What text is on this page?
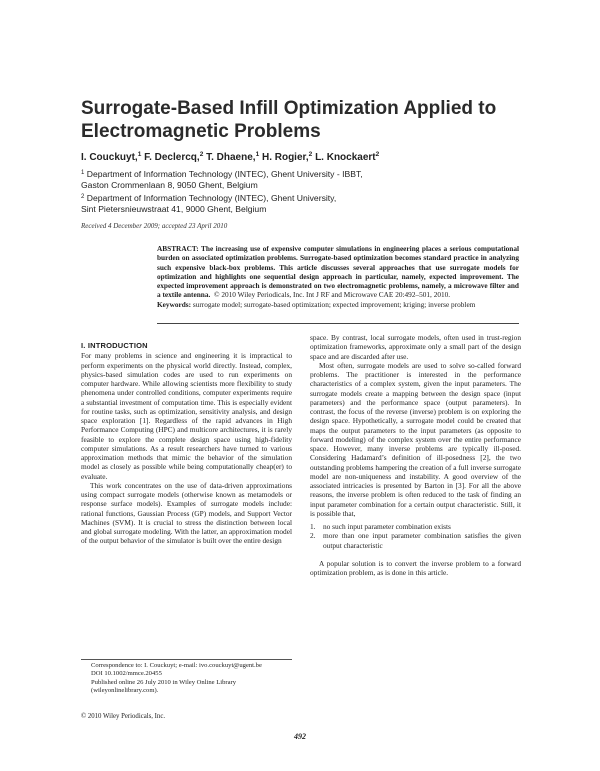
Surrogate-Based Infill Optimization Applied to
Electromagnetic Problems
I. Couckuyt,$^1$ F. Declercq,$^2$ T. Dhaene,$^1$ H. Rogier,$^2$ L. Knockaert$^2$
$^1$ Department of Information Technology (INTEC), Ghent University - IBBT,
Gaston Crommenlaan 8, 9050 Ghent, Belgium
$^2$ Department of Information Technology (INTEC), Ghent University,
Sint Pietersnieuwstraat 41, 9000 Ghent, Belgium
Received 4 December 2009; accepted 23 April 2010
ABSTRACT: The increasing use of expensive computer simulations in engineering places a serious computational burden on associated optimization problems. Surrogate-based optimization becomes standard practice in analyzing such expensive black-box problems. This article discusses several approaches that use surrogate models for optimization and highlights one sequential design approach in particular, namely, expected improvement. The expected improvement approach is demonstrated on two electromagnetic problems, namely, a microwave filter and a textile antenna. © 2010 Wiley Periodicals, Inc. Int J RF and Microwave CAE 20:492–501, 2010.
Keywords: surrogate model; surrogate-based optimization; expected improvement; kriging; inverse problem

I. INTRODUCTION

For many problems in science and engineering it is impractical to perform experiments on the physical world directly. Instead, complex, physics-based simulation codes are used to run experiments on computer hardware. While allowing scientists more flexibility to study phenomena under controlled conditions, computer experiments require a substantial investment of computation time. This is especially evident for routine tasks, such as optimization, sensitivity analysis, and design space exploration [1]. Regardless of the rapid advances in High Performance Computing (HPC) and multicore architectures, it is rarely feasible to explore the complete design space using high-fidelity computer simulations. As a result researchers have turned to various approximation methods that mimic the behavior of the simulation model as closely as possible while being computationally cheap(er) to evaluate.

This work concentrates on the use of data-driven approximations using compact surrogate models (otherwise known as metamodels or response surface models). Examples of surrogate models include: rational functions, Gaussian Process (GP) models, and Support Vector Machines (SVM). It is crucial to stress the distinction between local and global surrogate modeling. With the latter, an approximation model of the output behavior of the simulator is built over the entire design

space. By contrast, local surrogate models, often used in trust-region optimization frameworks, approximate only a small part of the design space and are discarded after use.

Most often, surrogate models are used to solve so-called forward problems. The practitioner is interested in the performance characteristics of a complex system, given the input parameters. The surrogate models create a mapping between the design space (input parameters) and the performance space (output parameters). In contrast, the focus of the reverse (inverse) problem is on exploring the design space. Hypothetically, a surrogate model could be created that maps the output parameters to the input parameters (as opposite to forward modeling) of the complex system over the entire performance space. However, many inverse problems are typically ill-posed. Considering Hadamard’s definition of ill-posedness [2], the two outstanding problems hampering the creation of a full inverse surrogate model are non-uniqueness and instability. A good overview of the associated intricacies is presented by Barton in [3]. For all the above reasons, the inverse problem is often reduced to the task of finding an input parameter combination for a certain output characteristic. Still, it is possible that,

1. no such input parameter combination exists
2. more than one input parameter combination satisfies the given output characteristic

A popular solution is to convert the inverse problem to a forward optimization problem, as is done in this article.

Correspondence to: I. Couckuyt; e-mail: ivo.couckuyt@ugent.be

DOI 10.1002/mmce.20455

Published online 26 July 2010 in Wiley Online Library (wileyonlinelibrary.com).

© 2010 Wiley Periodicals, Inc.
492
